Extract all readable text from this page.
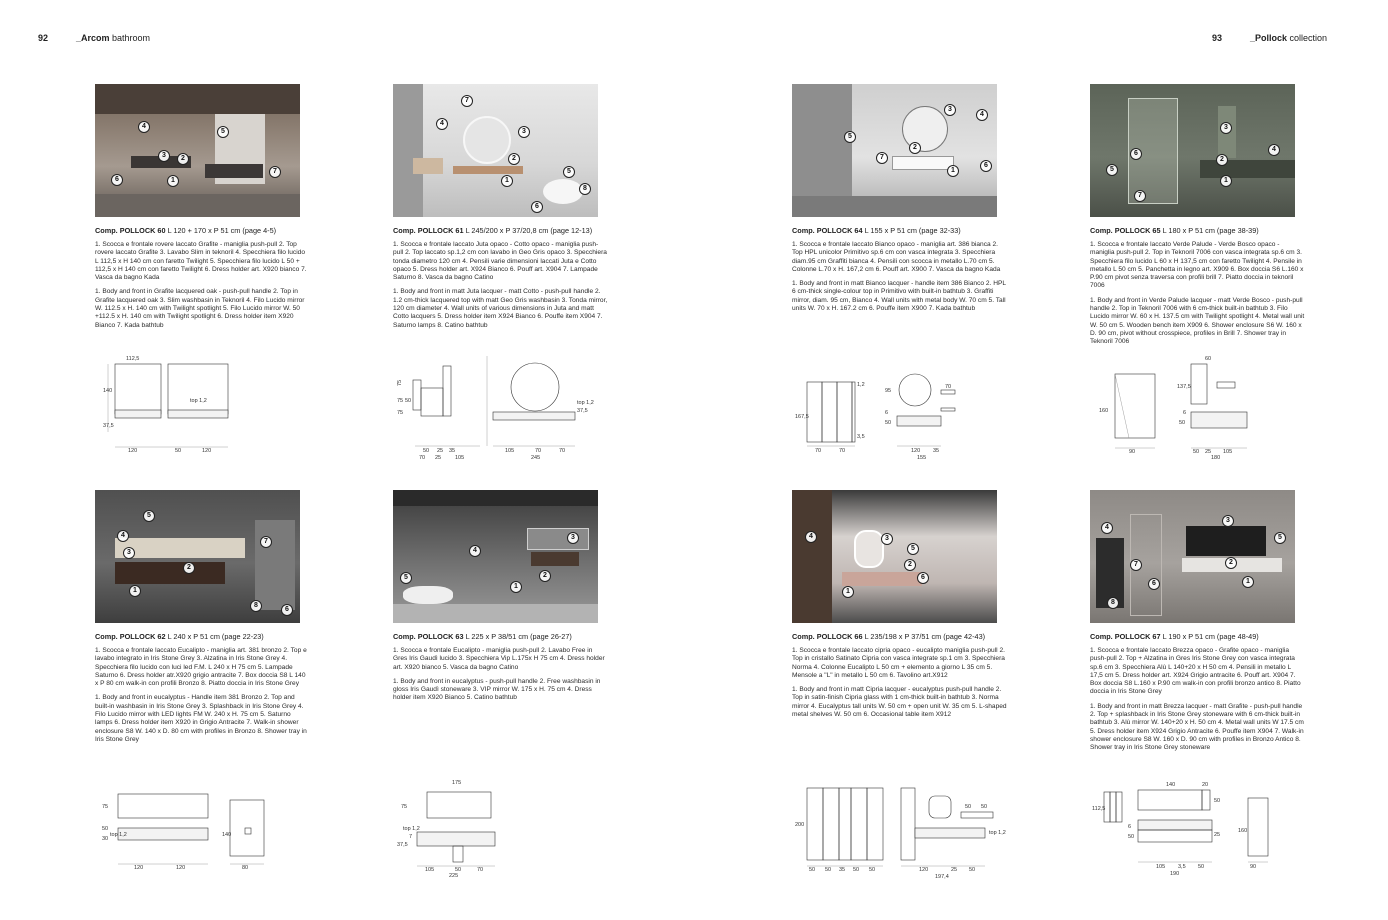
92	_Arcom bathroom	93	_Pollock collection
4
5
3	2
6	1
7
Comp. POLLOCK 60 L 120 + 170 x P 51 cm (page 4-5)
1. Scocca e frontale rovere laccato Grafite - maniglia push-pull 2. Top rovere laccato Grafite 3. Lavabo Slim in teknoril 4. Specchiera filo lucido L 112,5 x H 140 cm con faretto Twilight 5. Specchiera filo lucido L 50 + 112,5 x H 140 cm con faretto Twilight 6. Dress holder art. X920 bianco 7. Vasca da bagno Kada
1. Body and front in Grafite lacquered oak - push-pull handle 2. Top in Grafite lacquered oak 3. Slim washbasin in Teknoril 4. Filo Lucido mirror W. 112.5 x H. 140 cm with Twilight spotlight 5. Filo Lucido mirror W. 50 +112.5 x H. 140 cm with Twilight spotlight 6. Dress holder item X920 Bianco 7. Kada bathtub
112,5
140
37,5
top 1,2
120	50	120
7
4
3
2
1
5
8
6
Comp. POLLOCK 61 L 245/200 x P 37/20,8 cm (page 12-13)
1. Scocca e frontale laccato Juta opaco - Cotto opaco - maniglia push-pull 2. Top laccato sp.1,2 cm con lavabo in Geo Gris opaco 3. Specchiera tonda diametro 120 cm 4. Pensili varie dimensioni laccati Juta e Cotto opaco 5. Dress holder art. X924 Bianco 6. Pouff art. X904 7. Lampade Saturno 8. Vasca da bagno Catino
1. Body and front in matt Juta lacquer - matt Cotto - push-pull handle 2. 1.2 cm-thick lacquered top with matt Geo Gris washbasin 3. Tonda mirror, 120 cm diameter 4. Wall units of various dimensions in Juta and matt Cotto lacquers 5. Dress holder item X924 Bianco 6. Pouffe item X904 7. Saturno lamps 8. Catino bathtub
75
75 50
75	37,5
top 1,2
50 25 35
70 25	105
105	70	70
245
3
4
5
2
7
1
6
Comp. POLLOCK 64 L 155 x P 51 cm (page 32-33)
1. Scocca e frontale laccato Bianco opaco - maniglia art. 386 bianca 2. Top HPL unicolor Primitivo sp.6 cm con vasca integrata 3. Specchiera diam.95 cm Graffiti bianca 4. Pensili con scocca in metallo L.70 cm 5. Colonne L.70 x H. 167,2 cm 6. Pouff art. X900 7. Vasca da bagno Kada
1. Body and front in matt Bianco lacquer - handle item 386 Bianco 2. HPL 6 cm-thick single-colour top in Primitivo with built-in bathtub 3. Graffiti mirror, diam. 95 cm, Bianco 4. Wall units with metal body W. 70 cm 5. Tall units W. 70 x H. 167.2 cm 6. Pouffe item X900 7. Kada bathtub
1,2
167,5
3,5
70	70
95
70
6
50
120 35
155
3
4
6
2
5
1
7
Comp. POLLOCK 65 L 180 x P 51 cm (page 38-39)
1. Scocca e frontale laccato Verde Palude - Verde Bosco opaco - maniglia push-pull 2. Top in Teknoril 7006 con vasca integrata sp.6 cm 3. Specchiera filo lucido L 60 x H 137,5 cm con faretto Twilight 4. Pensile in metallo L 50 cm 5. Panchetta in legno art. X909 6. Box doccia S6 L.160 x P.90 cm pivot senza traversa con profili brill 7. Piatto doccia in teknoril 7006
1. Body and front in Verde Palude lacquer - matt Verde Bosco - push-pull handle 2. Top in Teknoril 7006 with 6 cm-thick built-in bathtub 3. Filo Lucido mirror W. 60 x H. 137.5 cm with Twilight spotlight 4. Metal wall unit W. 50 cm 5. Wooden bench item X909 6. Shower enclosure S6 W. 160 x D. 90 cm, pivot without crosspiece, profiles in Brill 7. Shower tray in Teknoril 7006
60
137,5
160	6
50
90	50 25 105
180
5
4
3
2
7
1
8
6
Comp. POLLOCK 62 L 240 x P 51 cm (page 22-23)
1. Scocca e frontale laccato Eucalipto - maniglia art. 381 bronzo 2. Top e lavabo integrato in Iris Stone Grey 3. Alzatina in Iris Stone Grey 4. Specchiera filo lucido con luci led F.M. L 240 x H 75 cm 5. Lampade Saturno 6. Dress holder atr.X920 grigio antracite 7. Box doccia S8 L 140 x P 80 cm walk-in con profili Bronzo 8. Piatto doccia in Iris Stone Grey
1. Body and front in eucalyptus - Handle item 381 Bronzo 2. Top and built-in washbasin in Iris Stone Grey 3. Splashback in Iris Stone Grey 4. Filo Lucido mirror with LED lights FM W. 240 x H. 75 cm 5. Saturno lamps 6. Dress holder item X920 in Grigio Antracite 7. Walk-in shower enclosure S8 W. 140 x D. 80 cm with profiles in Bronzo 8. Shower tray in Iris Stone Grey
75
50
30
top 1,2
120	120
140
80
4
3
5	2
1
Comp. POLLOCK 63 L 225 x P 38/51 cm (page 26-27)
1. Scocca e frontale Eucalipto - maniglia push-pull 2. Lavabo Free in Gres Iris Gaudì lucido 3. Specchiera Vip L.175x H 75 cm 4. Dress holder art. X920 bianco 5. Vasca da bagno Catino
1. Body and front in eucalyptus - push-pull handle 2. Free washbasin in gloss Iris Gaudì stoneware 3. VIP mirror W. 175 x H. 75 cm 4. Dress holder item X920 Bianco 5. Catino bathtub
175
75
37,5
7
top 1,2
105	50	70
225
4	3
5
2
6
1
Comp. POLLOCK 66 L 235/198 x P 37/51 cm (page 42-43)
1. Scocca e frontale laccato cipria opaco - eucalipto maniglia push-pull 2. Top in cristallo Satinato Cipria con vasca integrate sp.1 cm 3. Specchiera Norma 4. Colonne Eucalipto L 50 cm + elemento a giorno L 35 cm 5. Mensole a "L" in metallo L 50 cm 6. Tavolino art.X912
1. Body and front in matt Cipria lacquer - eucalyptus push-pull handle 2. Top in satin-finish Cipria glass with 1 cm-thick built-in bathtub 3. Norma mirror 4. Eucalyptus tall units W. 50 cm + open unit W. 35 cm 5. L-shaped metal shelves W. 50 cm 6. Occasional table item X912
200
50 50 35 50 50	120	25 50
197,4
50 50
top 1,2
3
4
5
2
7
1
6
8
Comp. POLLOCK 67 L 190 x P 51 cm (page 48-49)
1. Scocca e frontale laccato Brezza opaco - Grafite opaco - maniglia push-pull 2. Top + Alzatina in Gres Iris Stone Grey con vasca integrata sp.6 cm 3. Specchiera Alù L 140+20 x H 50 cm 4. Pensili in metallo L 17,5 cm 5. Dress holder art. X924 Grigio antracite 6. Pouff art. X904 7. Box doccia S8 L.160 x P.90 cm walk-in con profili bronzo antico 8. Piatto doccia in Iris Stone Grey
1. Body and front in matt Brezza lacquer - matt Grafite - push-pull handle 2. Top + splashback in Iris Stone Grey stoneware with 6 cm-thick built-in bathtub 3. Alù mirror W. 140+20 x H. 50 cm 4. Metal wall units W 17.5 cm 5. Dress holder item X924 Grigio Antracite 6. Pouffe item X904 7. Walk-in shower enclosure S8 W. 160 x D. 90 cm with profiles in Bronzo Antico 8. Shower tray in Iris Stone Grey stoneware
140	20
112,5
6
50
50
25
160
105 3,5 50	90
190
